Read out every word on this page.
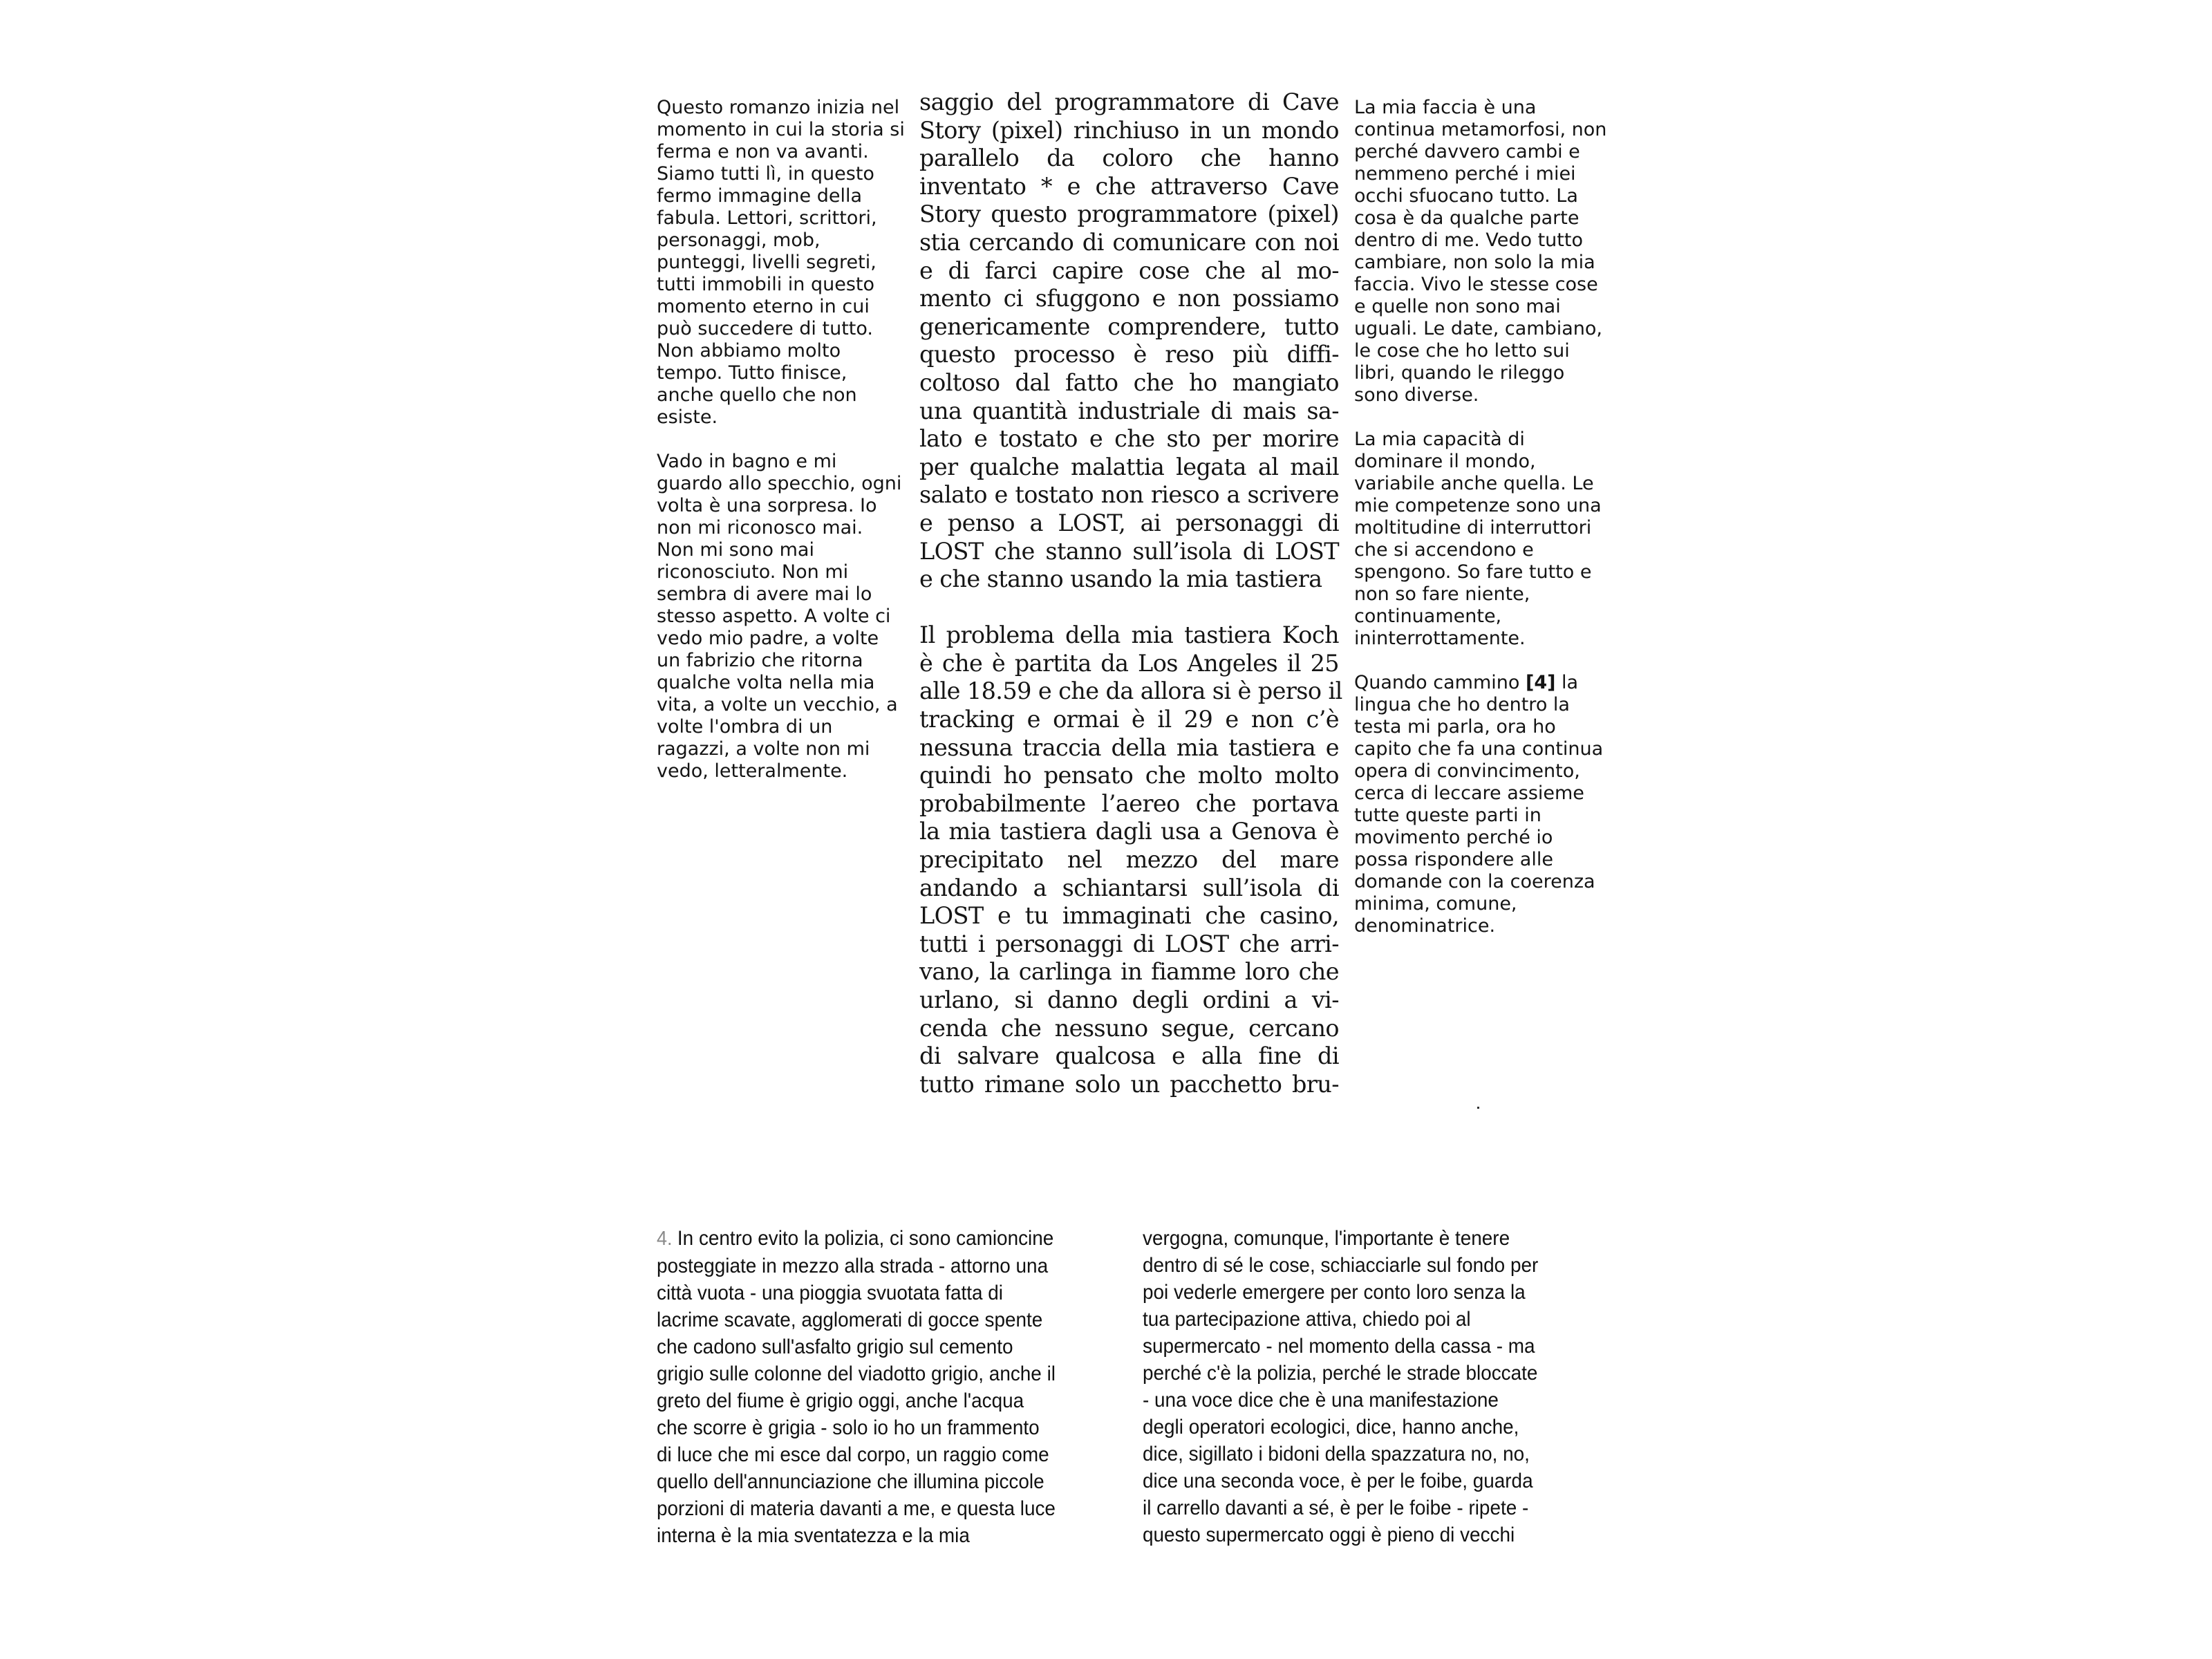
Questo romanzo inizia nel momento in cui la storia si ferma e non va avanti. Siamo tutti lì, in questo fermo immagine della fabula. Lettori, scrittori, personaggi, mob, punteggi, livelli segreti, tutti immobili in questo momento eterno in cui può succedere di tutto. Non abbiamo molto tempo. Tutto finisce, anche quello che non esiste.

Vado in bagno e mi guardo allo specchio, ogni volta è una sorpresa. Io non mi riconosco mai. Non mi sono mai riconosciuto. Non mi sembra di avere mai lo stesso aspetto. A volte ci vedo mio padre, a volte un fabrizio che ritorna qualche volta nella mia vita, a volte un vecchio, a volte l'ombra di un ragazzi, a volte non mi vedo, letteralmente.

saggio del programmatore di Cave
Story (pixel) rinchiuso in un mondo
parallelo da coloro che hanno
inventato * e che attraverso Cave
Story questo programmatore (pixel)
stia cercando di comunicare con noi
e di farci capire cose che al mo-
mento ci sfuggono e non possiamo
genericamente comprendere, tutto
questo processo è reso più diffi-
coltoso dal fatto che ho mangiato
una quantità industriale di mais sa-
lato e tostato e che sto per morire
per qualche malattia legata al mail
salato e tostato non riesco a scrivere
e penso a LOST, ai personaggi di
LOST che stanno sull’isola di LOST
e che stanno usando la mia tastiera
Il problema della mia tastiera Koch
è che è partita da Los Angeles il 25
alle 18.59 e che da allora si è perso il
tracking e ormai è il 29 e non c’è
nessuna traccia della mia tastiera e
quindi ho pensato che molto molto
probabilmente l’aereo che portava
la mia tastiera dagli usa a Genova è
precipitato nel mezzo del mare
andando a schiantarsi sull’isola di
LOST e tu immaginati che casino,
tutti i personaggi di LOST che arri-
vano, la carlinga in fiamme loro che
urlano, si danno degli ordini a vi-
cenda che nessuno segue, cercano
di salvare qualcosa e alla fine di
tutto rimane solo un pacchetto bru-

La mia faccia è una continua metamorfosi, non perché davvero cambi e nemmeno perché i miei occhi sfuocano tutto. La cosa è da qualche parte dentro di me. Vedo tutto cambiare, non solo la mia faccia. Vivo le stesse cose e quelle non sono mai uguali. Le date, cambiano, le cose che ho letto sui libri, quando le rileggo sono diverse.

La mia capacità di dominare il mondo, variabile anche quella. Le mie competenze sono una moltitudine di interruttori che si accendono e spengono. So fare tutto e non so fare niente, continuamente, ininterrottamente.

Quando cammino [4] la lingua che ho dentro la testa mi parla, ora ho capito che fa una continua opera di convincimento, cerca di leccare assieme tutte queste parti in movimento perché io possa rispondere alle domande con la coerenza minima, comune, denominatrice.

4. In centro evito la polizia, ci sono camioncine
posteggiate in mezzo alla strada - attorno una
città vuota - una pioggia svuotata fatta di
lacrime scavate, agglomerati di gocce spente
che cadono sull'asfalto grigio sul cemento
grigio sulle colonne del viadotto grigio, anche il
greto del fiume è grigio oggi, anche l'acqua
che scorre è grigia - solo io ho un frammento
di luce che mi esce dal corpo, un raggio come
quello dell'annunciazione che illumina piccole
porzioni di materia davanti a me, e questa luce
interna è la mia sventatezza e la mia
vergogna, comunque, l'importante è tenere
dentro di sé le cose, schiacciarle sul fondo per
poi vederle emergere per conto loro senza la
tua partecipazione attiva, chiedo poi al
supermercato - nel momento della cassa - ma
perché c'è la polizia, perché le strade bloccate
- una voce dice che è una manifestazione
degli operatori ecologici, dice, hanno anche,
dice, sigillato i bidoni della spazzatura no, no,
dice una seconda voce, è per le foibe, guarda
il carrello davanti a sé, è per le foibe - ripete -
questo supermercato oggi è pieno di vecchi
